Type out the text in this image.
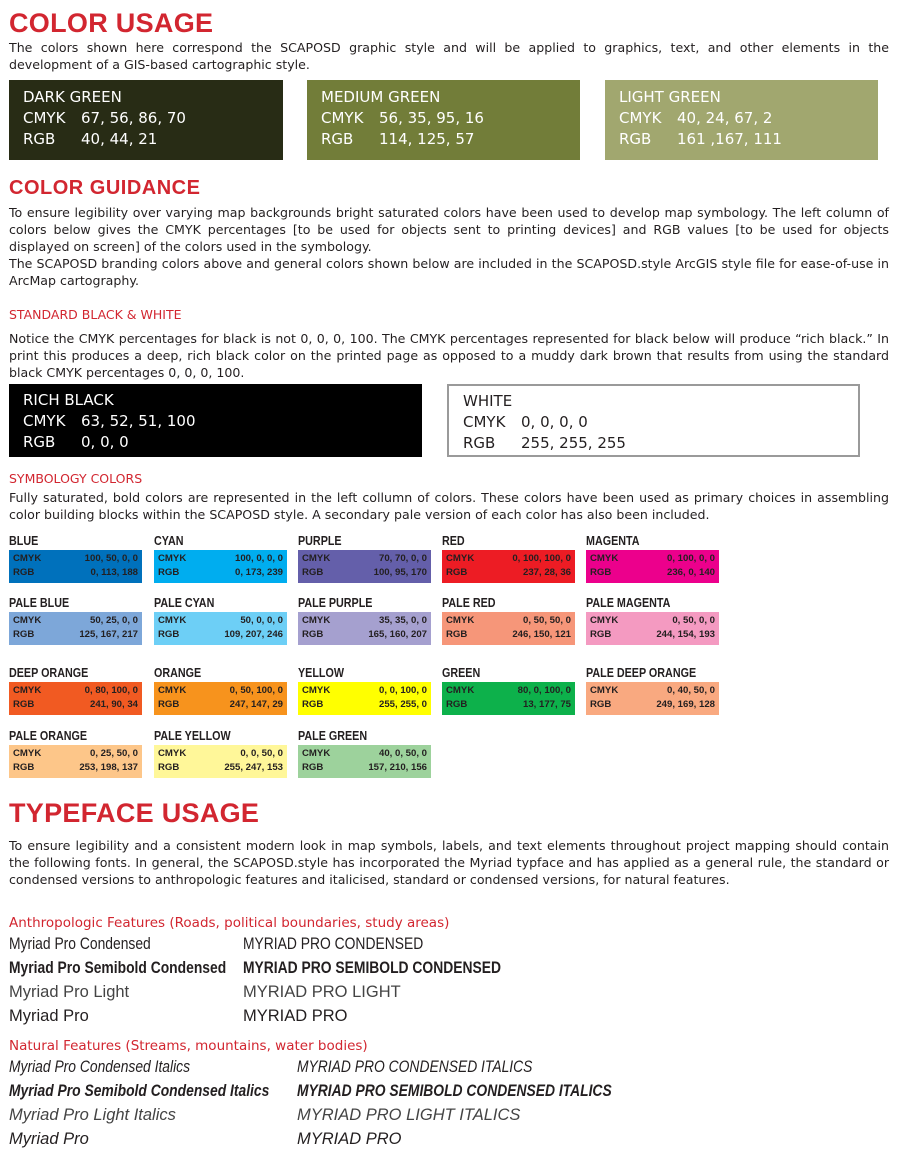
COLOR USAGE
The colors shown here correspond the SCAPOSD graphic style and will be applied to graphics, text, and other elements in the development of a GIS-based cartographic style.
DARK GREEN
CMYK	67, 56, 86, 70
RGB	40, 44, 21
MEDIUM GREEN
CMYK	56, 35, 95, 16
RGB	114, 125, 57
LIGHT GREEN
CMYK	40, 24, 67, 2
RGB	161 ,167, 111
COLOR GUIDANCE
To ensure legibility over varying map backgrounds bright saturated colors have been used to develop map symbology. The left column of colors below gives the CMYK percentages [to be used for objects sent to printing devices] and RGB values [to be used for objects displayed on screen] of the colors used in the symbology.
The SCAPOSD branding colors above and general colors shown below are included in the SCAPOSD.style ArcGIS style file for ease-of-use in ArcMap cartography.
STANDARD BLACK & WHITE
Notice the CMYK percentages for black is not 0, 0, 0, 100. The CMYK percentages represented for black below will produce “rich black.” In print this produces a deep, rich black color on the printed page as opposed to a muddy dark brown that results from using the standard black CMYK percentages 0, 0, 0, 100.
RICH BLACK
CMYK	63, 52, 51, 100
RGB	0, 0, 0
WHITE
CMYK	0, 0, 0, 0
RGB	255, 255, 255
SYMBOLOGY COLORS
Fully saturated, bold colors are represented in the left collumn of colors. These colors have been used as primary choices in assembling color building blocks within the SCAPOSD style. A secondary pale version of each color has also been included.
BLUE
CMYK	100, 50, 0, 0
RGB	0, 113, 188
CYAN
CMYK	100, 0, 0, 0
RGB	0, 173, 239
PURPLE
CMYK	70, 70, 0, 0
RGB	100, 95, 170
RED
CMYK	0, 100, 100, 0
RGB	237, 28, 36
MAGENTA
CMYK	0, 100, 0, 0
RGB	236, 0, 140
PALE BLUE
CMYK	50, 25, 0, 0
RGB	125, 167, 217
PALE CYAN
CMYK	50, 0, 0, 0
RGB	109, 207, 246
PALE PURPLE
CMYK	35, 35, 0, 0
RGB	165, 160, 207
PALE RED
CMYK	0, 50, 50, 0
RGB	246, 150, 121
PALE MAGENTA
CMYK	0, 50, 0, 0
RGB	244, 154, 193
DEEP ORANGE
CMYK	0, 80, 100, 0
RGB	241, 90, 34
ORANGE
CMYK	0, 50, 100, 0
RGB	247, 147, 29
YELLOW
CMYK	0, 0, 100, 0
RGB	255, 255, 0
GREEN
CMYK	80, 0, 100, 0
RGB	13, 177, 75
PALE DEEP ORANGE
CMYK	0, 40, 50, 0
RGB	249, 169, 128
PALE ORANGE
CMYK	0, 25, 50, 0
RGB	253, 198, 137
PALE YELLOW
CMYK	0, 0, 50, 0
RGB	255, 247, 153
PALE GREEN
CMYK	40, 0, 50, 0
RGB	157, 210, 156
TYPEFACE USAGE
To ensure legibility and a consistent modern look in map symbols, labels, and text elements throughout project mapping should contain the following fonts. In general, the SCAPOSD.style has incorporated the Myriad typface and has applied as a general rule, the standard or condensed versions to anthropologic features and italicised, standard or condensed versions, for natural features.
Anthropologic Features (Roads, political boundaries, study areas)
Myriad Pro Condensed	MYRIAD PRO CONDENSED
Myriad Pro Semibold Condensed MYRIAD PRO SEMIBOLD CONDENSED
Myriad Pro Light	MYRIAD PRO LIGHT
Myriad Pro	MYRIAD PRO
Natural Features (Streams, mountains, water bodies)
Myriad Pro Condensed Italics	MYRIAD PRO CONDENSED ITALICS
Myriad Pro Semibold Condensed Italics MYRIAD PRO SEMIBOLD CONDENSED ITALICS
Myriad Pro Light Italics	MYRIAD PRO LIGHT ITALICS
Myriad Pro	MYRIAD PRO
